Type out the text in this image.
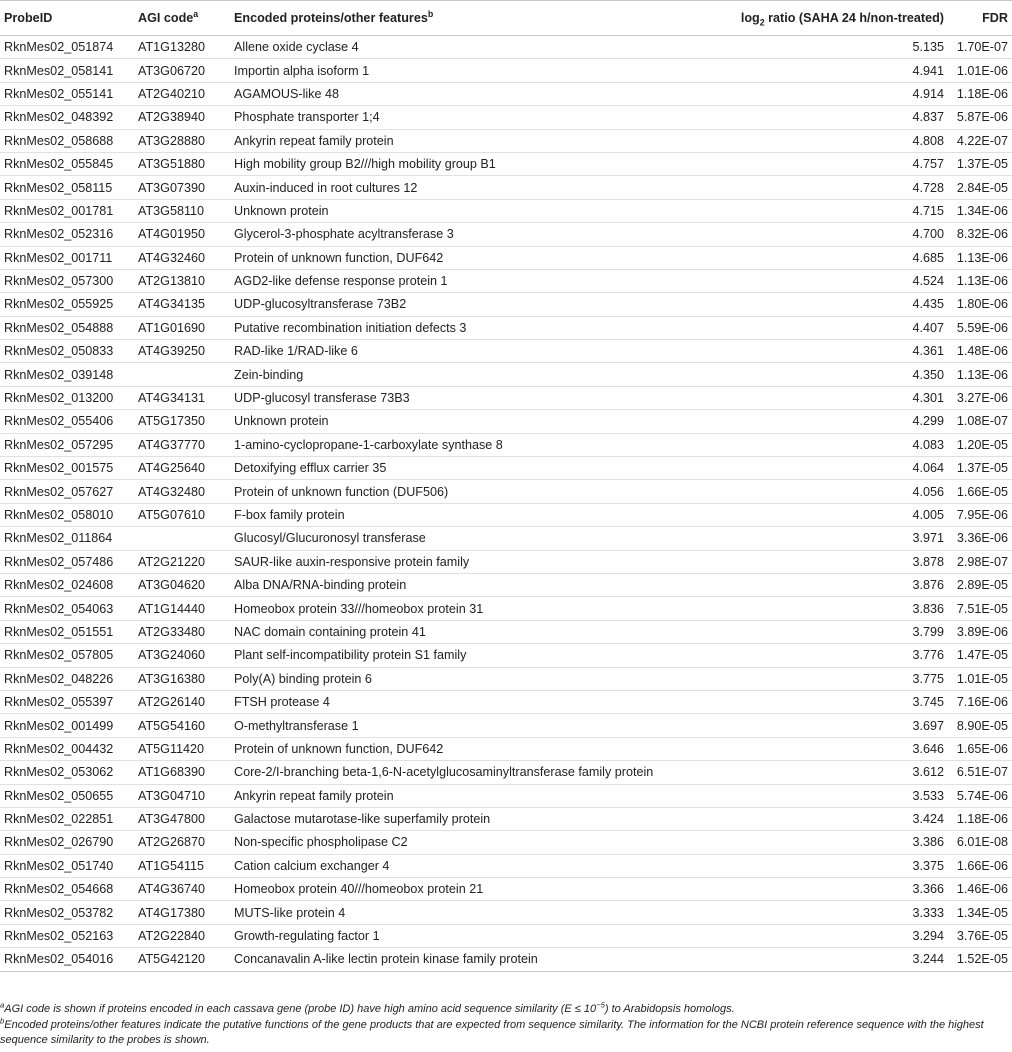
ProbeID	AGI code$^a$	Encoded proteins/other features$^b$	$\log_2$ ratio (SAHA 24 h/non-treated)	FDR
RknMes02_051874	AT1G13280	Allene oxide cyclase 4	5.135	1.70E-07
RknMes02_058141	AT3G06720	Importin alpha isoform 1	4.941	1.01E-06
RknMes02_055141	AT2G40210	AGAMOUS-like 48	4.914	1.18E-06
RknMes02_048392	AT2G38940	Phosphate transporter 1;4	4.837	5.87E-06
RknMes02_058688	AT3G28880	Ankyrin repeat family protein	4.808	4.22E-07
RknMes02_055845	AT3G51880	High mobility group B2///high mobility group B1	4.757	1.37E-05
RknMes02_058115	AT3G07390	Auxin-induced in root cultures 12	4.728	2.84E-05
RknMes02_001781	AT3G58110	Unknown protein	4.715	1.34E-06
RknMes02_052316	AT4G01950	Glycerol-3-phosphate acyltransferase 3	4.700	8.32E-06
RknMes02_001711	AT4G32460	Protein of unknown function, DUF642	4.685	1.13E-06
RknMes02_057300	AT2G13810	AGD2-like defense response protein 1	4.524	1.13E-06
RknMes02_055925	AT4G34135	UDP-glucosyltransferase 73B2	4.435	1.80E-06
RknMes02_054888	AT1G01690	Putative recombination initiation defects 3	4.407	5.59E-06
RknMes02_050833	AT4G39250	RAD-like 1/RAD-like 6	4.361	1.48E-06
RknMes02_039148		Zein-binding	4.350	1.13E-06
RknMes02_013200	AT4G34131	UDP-glucosyl transferase 73B3	4.301	3.27E-06
RknMes02_055406	AT5G17350	Unknown protein	4.299	1.08E-07
RknMes02_057295	AT4G37770	1-amino-cyclopropane-1-carboxylate synthase 8	4.083	1.20E-05
RknMes02_001575	AT4G25640	Detoxifying efflux carrier 35	4.064	1.37E-05
RknMes02_057627	AT4G32480	Protein of unknown function (DUF506)	4.056	1.66E-05
RknMes02_058010	AT5G07610	F-box family protein	4.005	7.95E-06
RknMes02_011864		Glucosyl/Glucuronosyl transferase	3.971	3.36E-06
RknMes02_057486	AT2G21220	SAUR-like auxin-responsive protein family	3.878	2.98E-07
RknMes02_024608	AT3G04620	Alba DNA/RNA-binding protein	3.876	2.89E-05
RknMes02_054063	AT1G14440	Homeobox protein 33///homeobox protein 31	3.836	7.51E-05
RknMes02_051551	AT2G33480	NAC domain containing protein 41	3.799	3.89E-06
RknMes02_057805	AT3G24060	Plant self-incompatibility protein S1 family	3.776	1.47E-05
RknMes02_048226	AT3G16380	Poly(A) binding protein 6	3.775	1.01E-05
RknMes02_055397	AT2G26140	FTSH protease 4	3.745	7.16E-06
RknMes02_001499	AT5G54160	O-methyltransferase 1	3.697	8.90E-05
RknMes02_004432	AT5G11420	Protein of unknown function, DUF642	3.646	1.65E-06
RknMes02_053062	AT1G68390	Core-2/I-branching beta-1,6-N-acetylglucosaminyltransferase family protein	3.612	6.51E-07
RknMes02_050655	AT3G04710	Ankyrin repeat family protein	3.533	5.74E-06
RknMes02_022851	AT3G47800	Galactose mutarotase-like superfamily protein	3.424	1.18E-06
RknMes02_026790	AT2G26870	Non-specific phospholipase C2	3.386	6.01E-08
RknMes02_051740	AT1G54115	Cation calcium exchanger 4	3.375	1.66E-06
RknMes02_054668	AT4G36740	Homeobox protein 40///homeobox protein 21	3.366	1.46E-06
RknMes02_053782	AT4G17380	MUTS-like protein 4	3.333	1.34E-05
RknMes02_052163	AT2G22840	Growth-regulating factor 1	3.294	3.76E-05
RknMes02_054016	AT5G42120	Concanavalin A-like lectin protein kinase family protein	3.244	1.52E-05

$^a$AGI code is shown if proteins encoded in each cassava gene (probe ID) have high amino acid sequence similarity $(E \le 10^{-5})$ to Arabidopsis homologs.

$^b$Encoded proteins/other features indicate the putative functions of the gene products that are expected from sequence similarity. The information for the NCBI protein reference sequence with the highest sequence similarity to the probes is shown.
